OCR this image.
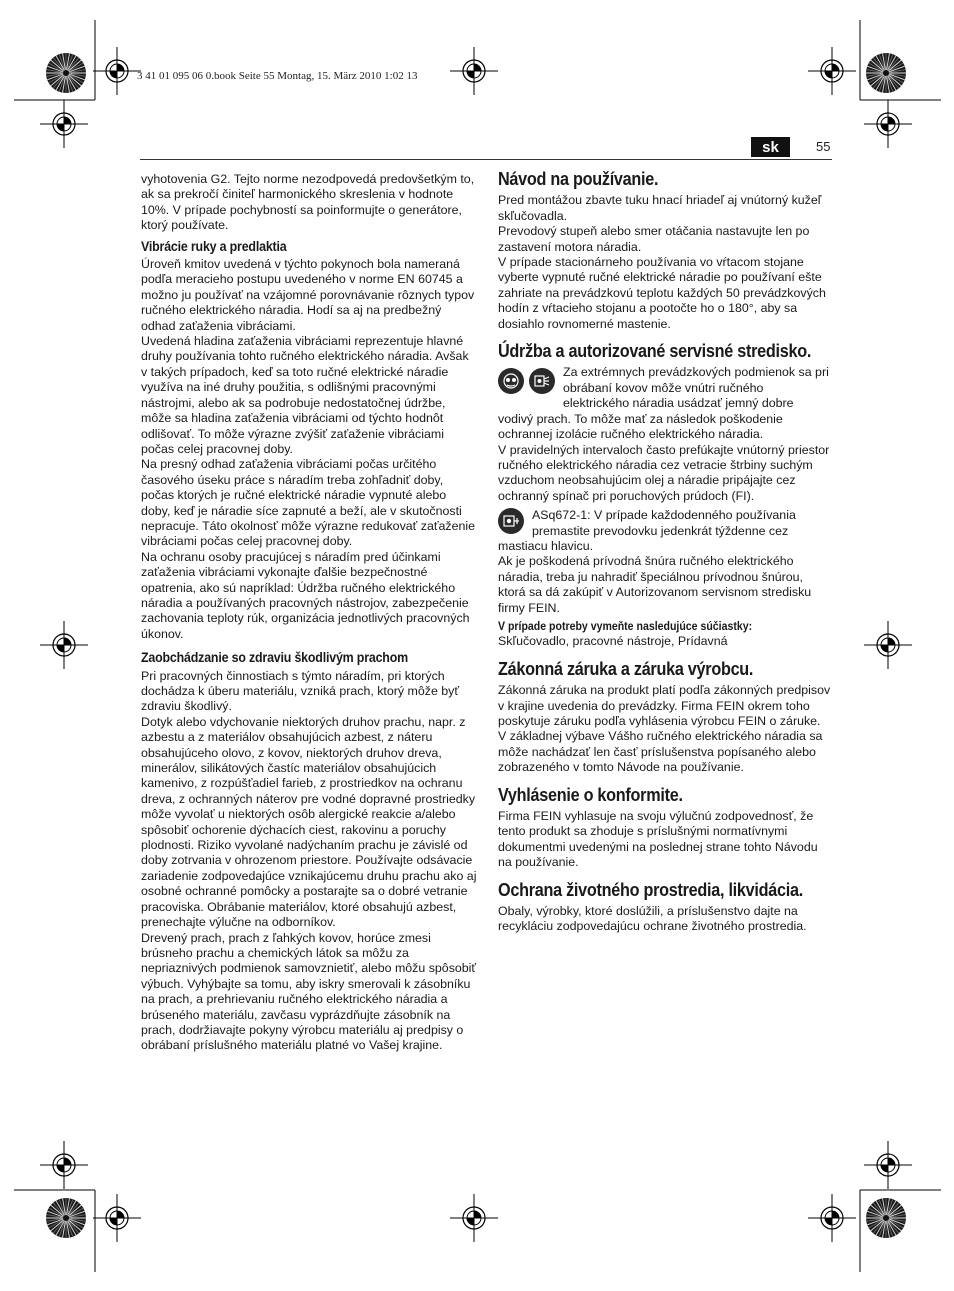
3 41 01 095 06 0.book Seite 55 Montag, 15. März 2010 1:02 13
sk	55

vyhotovenia G2. Tejto norme nezodpovedá predovšetkým to, ak sa prekročí činiteľ harmonického skreslenia v hodnote 10%. V prípade pochybností sa poinformujte o generátore, ktorý používate.

Vibrácie ruky a predlaktia

Úroveň kmitov uvedená v týchto pokynoch bola nameraná podľa meracieho postupu uvedeného v norme EN 60745 a možno ju používať na vzájomné porovnávanie rôznych typov ručného elektrického náradia. Hodí sa aj na predbežný odhad zaťaženia vibráciami.

Uvedená hladina zaťaženia vibráciami reprezentuje hlavné druhy používania tohto ručného elektrického náradia. Avšak v takých prípadoch, keď sa toto ručné elektrické náradie využíva na iné druhy použitia, s odlišnými pracovnými nástrojmi, alebo ak sa podrobuje nedostatočnej údržbe, môže sa hladina zaťaženia vibráciami od týchto hodnôt odlišovať. To môže výrazne zvýšiť zaťaženie vibráciami počas celej pracovnej doby.

Na presný odhad zaťaženia vibráciami počas určitého časového úseku práce s náradím treba zohľadniť doby, počas ktorých je ručné elektrické náradie vypnuté alebo doby, keď je náradie síce zapnuté a beží, ale v skutočnosti nepracuje. Táto okolnosť môže výrazne redukovať zaťaženie vibráciami počas celej pracovnej doby.

Na ochranu osoby pracujúcej s náradím pred účinkami zaťaženia vibráciami vykonajte ďalšie bezpečnostné opatrenia, ako sú napríklad: Údržba ručného elektrického náradia a používaných pracovných nástrojov, zabezpečenie zachovania teploty rúk, organizácia jednotlivých pracovných úkonov.

Zaobchádzanie so zdraviu škodlivým prachom

Pri pracovných činnostiach s týmto náradím, pri ktorých dochádza k úberu materiálu, vzniká prach, ktorý môže byť zdraviu škodlivý.

Dotyk alebo vdychovanie niektorých druhov prachu, napr. z azbestu a z materiálov obsahujúcich azbest, z náteru obsahujúceho olovo, z kovov, niektorých druhov dreva, minerálov, silikátových častíc materiálov obsahujúcich kamenivo, z rozpúšťadiel farieb, z prostriedkov na ochranu dreva, z ochranných náterov pre vodné dopravné prostriedky môže vyvolať u niektorých osôb alergické reakcie a/alebo spôsobiť ochorenie dýchacích ciest, rakovinu a poruchy plodnosti. Riziko vyvolané nadýchaním prachu je závislé od doby zotrvania v ohrozenom priestore. Používajte odsávacie zariadenie zodpovedajúce vznikajúcemu druhu prachu ako aj osobné ochranné pomôcky a postarajte sa o dobré vetranie pracoviska. Obrábanie materiálov, ktoré obsahujú azbest, prenechajte výlučne na odborníkov.

Drevený prach, prach z ľahkých kovov, horúce zmesi brúsneho prachu a chemických látok sa môžu za nepriaznivých podmienok samovznietiť, alebo môžu spôsobiť výbuch. Vyhýbajte sa tomu, aby iskry smerovali k zásobníku na prach, a prehrievaniu ručného elektrického náradia a brúseného materiálu, zavčasu vyprázdňujte zásobník na prach, dodržiavajte pokyny výrobcu materiálu aj predpisy o obrábaní príslušného materiálu platné vo Vašej krajine.

Návod na používanie.

Pred montážou zbavte tuku hnací hriadeľ aj vnútorný kužeľ skľučovadla.

Prevodový stupeň alebo smer otáčania nastavujte len po zastavení motora náradia.

V prípade stacionárneho používania vo vŕtacom stojane vyberte vypnuté ručné elektrické náradie po používaní ešte zahriate na prevádzkovú teplotu každých 50 prevádzkových hodín z vŕtacieho stojanu a pootočte ho o 180°, aby sa dosiahlo rovnomerné mastenie.

Údržba a autorizované servisné stredisko.

Za extrémnych prevádzkových podmienok sa pri obrábaní kovov môže vnútri ručného elektrického náradia usádzať jemný dobre vodivý prach. To môže mať za následok poškodenie ochrannej izolácie ručného elektrického náradia.

V pravidelných intervaloch často prefúkajte vnútorný priestor ručného elektrického náradia cez vetracie štrbiny suchým vzduchom neobsahujúcim olej a náradie pripájajte cez ochranný spínač pri poruchových prúdoch (FI).

ASq672-1: V prípade každodenného používania premastite prevodovku jedenkrát týždenne cez mastiacu hlavicu.

Ak je poškodená prívodná šnúra ručného elektrického náradia, treba ju nahradiť špeciálnou prívodnou šnúrou, ktorá sa dá zakúpiť v Autorizovanom servisnom stredisku firmy FEIN.

V prípade potreby vymeňte nasledujúce súčiastky:

Skľučovadlo, pracovné nástroje, Prídavná

Zákonná záruka a záruka výrobcu.

Zákonná záruka na produkt platí podľa zákonných predpisov v krajine uvedenia do prevádzky. Firma FEIN okrem toho poskytuje záruku podľa vyhlásenia výrobcu FEIN o záruke.

V základnej výbave Vášho ručného elektrického náradia sa môže nachádzať len časť príslušenstva popísaného alebo zobrazeného v tomto Návode na používanie.

Vyhlásenie o konformite.

Firma FEIN vyhlasuje na svoju výlučnú zodpovednosť, že tento produkt sa zhoduje s príslušnými normatívnymi dokumentmi uvedenými na poslednej strane tohto Návodu na používanie.

Ochrana životného prostredia, likvidácia.

Obaly, výrobky, ktoré doslúžili, a príslušenstvo dajte na recykláciu zodpovedajúcu ochrane životného prostredia.
